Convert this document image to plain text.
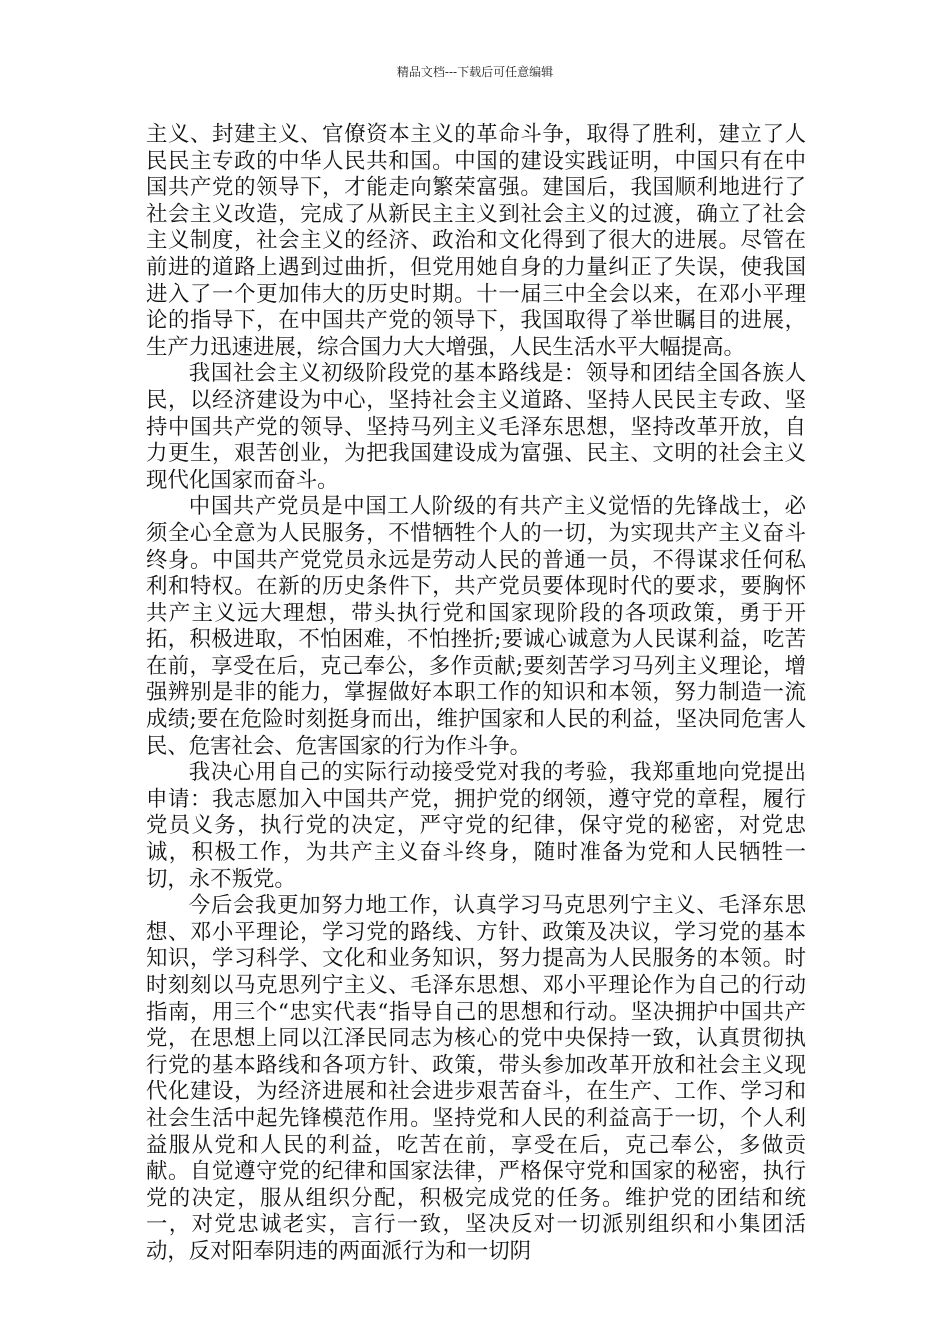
精品文档---下载后可任意编辑

主义、封建主义、官僚资本主义的革命斗争，取得了胜利，建立了人民民主专政的中华人民共和国。中国的建设实践证明，中国只有在中国共产党的领导下，才能走向繁荣富强。建国后，我国顺利地进行了社会主义改造，完成了从新民主主义到社会主义的过渡，确立了社会主义制度，社会主义的经济、政治和文化得到了很大的进展。尽管在前进的道路上遇到过曲折，但党用她自身的力量纠正了失误，使我国进入了一个更加伟大的历史时期。十一届三中全会以来，在邓小平理论的指导下，在中国共产党的领导下，我国取得了举世瞩目的进展，生产力迅速进展，综合国力大大增强，人民生活水平大幅提高。

我国社会主义初级阶段党的基本路线是：领导和团结全国各族人民，以经济建设为中心，坚持社会主义道路、坚持人民民主专政、坚持中国共产党的领导、坚持马列主义毛泽东思想，坚持改革开放，自力更生，艰苦创业，为把我国建设成为富强、民主、文明的社会主义现代化国家而奋斗。

中国共产党员是中国工人阶级的有共产主义觉悟的先锋战士，必须全心全意为人民服务，不惜牺牲个人的一切，为实现共产主义奋斗终身。中国共产党党员永远是劳动人民的普通一员，不得谋求任何私利和特权。在新的历史条件下，共产党员要体现时代的要求，要胸怀共产主义远大理想，带头执行党和国家现阶段的各项政策，勇于开拓，积极进取，不怕困难，不怕挫折;要诚心诚意为人民谋利益，吃苦在前，享受在后，克己奉公，多作贡献;要刻苦学习马列主义理论，增强辨别是非的能力，掌握做好本职工作的知识和本领，努力制造一流成绩;要在危险时刻挺身而出，维护国家和人民的利益，坚决同危害人民、危害社会、危害国家的行为作斗争。

我决心用自己的实际行动接受党对我的考验，我郑重地向党提出申请：我志愿加入中国共产党，拥护党的纲领，遵守党的章程，履行党员义务，执行党的决定，严守党的纪律，保守党的秘密，对党忠诚，积极工作，为共产主义奋斗终身，随时准备为党和人民牺牲一切，永不叛党。

今后会我更加努力地工作，认真学习马克思列宁主义、毛泽东思想、邓小平理论，学习党的路线、方针、政策及决议，学习党的基本知识，学习科学、文化和业务知识，努力提高为人民服务的本领。时时刻刻以马克思列宁主义、毛泽东思想、邓小平理论作为自己的行动指南，用三个“忠实代表“指导自己的思想和行动。坚决拥护中国共产党，在思想上同以江泽民同志为核心的党中央保持一致，认真贯彻执行党的基本路线和各项方针、政策，带头参加改革开放和社会主义现代化建设，为经济进展和社会进步艰苦奋斗，在生产、工作、学习和社会生活中起先锋模范作用。坚持党和人民的利益高于一切，个人利益服从党和人民的利益，吃苦在前，享受在后，克己奉公，多做贡献。自觉遵守党的纪律和国家法律，严格保守党和国家的秘密，执行党的决定，服从组织分配，积极完成党的任务。维护党的团结和统一，对党忠诚老实，言行一致，坚决反对一切派别组织和小集团活动，反对阳奉阴违的两面派行为和一切阴
